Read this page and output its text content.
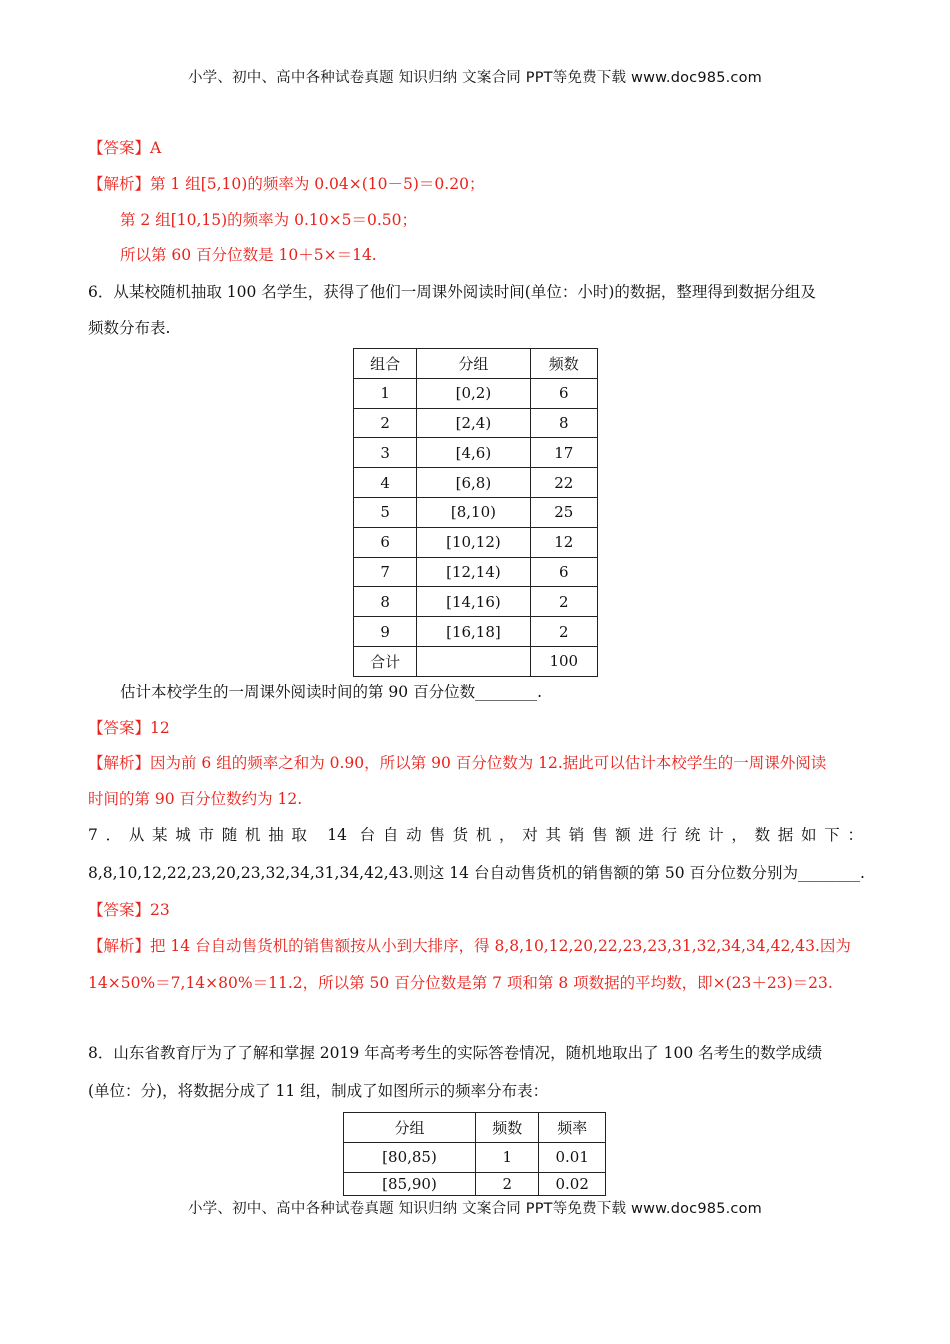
小学、初中、高中各种试卷真题 知识归纳 文案合同 PPT等免费下载 www.doc985.com
【答案】A
【解析】第 1 组[5,10)的频率为 0.04×(10－5)＝0.20；
第 2 组[10,15)的频率为 0.10×5＝0.50；
所以第 60 百分位数是 10＋5×＝14.
6．从某校随机抽取 100 名学生，获得了他们一周课外阅读时间(单位：小时)的数据，整理得到数据分组及
频数分布表.
组合	分组	频数
1	[0,2)	6
2	[2,4)	8
3	[4,6)	17
4	[6,8)	22
5	[8,10)	25
6	[10,12)	12
7	[12,14)	6
8	[14,16)	2
9	[16,18]	2
合计		100
估计本校学生的一周课外阅读时间的第 90 百分位数________.
【答案】12
【解析】因为前 6 组的频率之和为 0.90，所以第 90 百分位数为 12.据此可以估计本校学生的一周课外阅读
时间的第 90 百分位数约为 12.
7．从某城市随机抽取 14 台自动售货机，对其销售额进行统计，数据如下：
8,8,10,12,22,23,20,23,32,34,31,34,42,43.则这 14 台自动售货机的销售额的第 50 百分位数分别为________.
【答案】23
【解析】把 14 台自动售货机的销售额按从小到大排序，得 8,8,10,12,20,22,23,23,31,32,34,34,42,43.因为
14×50%＝7,14×80%＝11.2，所以第 50 百分位数是第 7 项和第 8 项数据的平均数，即×(23＋23)＝23.
8．山东省教育厅为了了解和掌握 2019 年高考考生的实际答卷情况，随机地取出了 100 名考生的数学成绩
(单位：分)，将数据分成了 11 组，制成了如图所示的频率分布表：
分组	频数	频率
[80,85)	1	0.01
[85,90)	2	0.02
小学、初中、高中各种试卷真题 知识归纳 文案合同 PPT等免费下载 www.doc985.com
